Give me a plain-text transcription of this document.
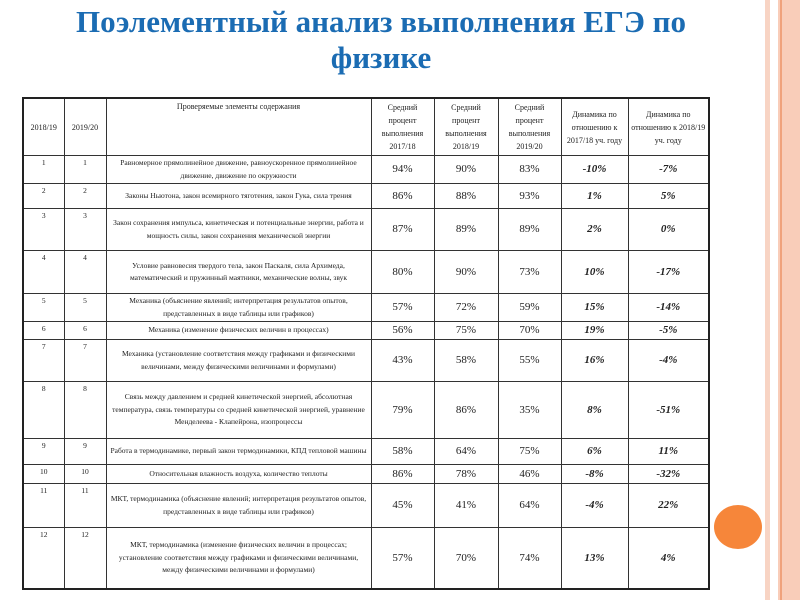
Поэлементный анализ выполнения ЕГЭ по физике
2018/19	2019/20	Проверяемые элементы содержания	Средний процент выполнения 2017/18	Средний процент выполнения 2018/19	Средний процент выполнения 2019/20	Динамика по отношению к 2017/18 уч. году	Динамика по отношению к 2018/19 уч. году
1	1	Равномерное прямолинейное движение, равноускоренное прямолинейное движение, движение по окружности	94%	90%	83%	-10%	-7%
2	2	Законы Ньютона, закон всемирного тяготения, закон Гука, сила трения	86%	88%	93%	1%	5%
3	3	Закон сохранения импульса, кинетическая и потенциальные энергии, работа и мощность силы, закон сохранения механической энергии	87%	89%	89%	2%	0%
4	4	Условие равновесия твердого тела, закон Паскаля, сила Архимеда, математический и пружинный маятники, механические волны, звук	80%	90%	73%	10%	-17%
5	5	Механика (объяснение явлений; интерпретация результатов опытов, представленных в виде таблицы или графиков)	57%	72%	59%	15%	-14%
6	6	Механика (изменение физических величин в процессах)	56%	75%	70%	19%	-5%
7	7	Механика (установление соответствия между графиками и физическими величинами, между физическими величинами и формулами)	43%	58%	55%	16%	-4%
8	8	Связь между давлением и средней кинетической энергией, абсолютная температура, связь температуры со средней кинетической энергией, уравнение Менделеева - Клапейрона, изопроцессы	79%	86%	35%	8%	-51%
9	9	Работа в термодинамике, первый закон термодинамики, КПД тепловой машины	58%	64%	75%	6%	11%
10	10	Относительная влажность воздуха, количество теплоты	86%	78%	46%	-8%	-32%
11	11	МКТ, термодинамика (объяснение явлений; интерпретация результатов опытов, представленных в виде таблицы или графиков)	45%	41%	64%	-4%	22%
12	12	МКТ, термодинамика (изменение физических величин в процессах; установление соответствия между графиками и физическими величинами, между физическими величинами и формулами)	57%	70%	74%	13%	4%
